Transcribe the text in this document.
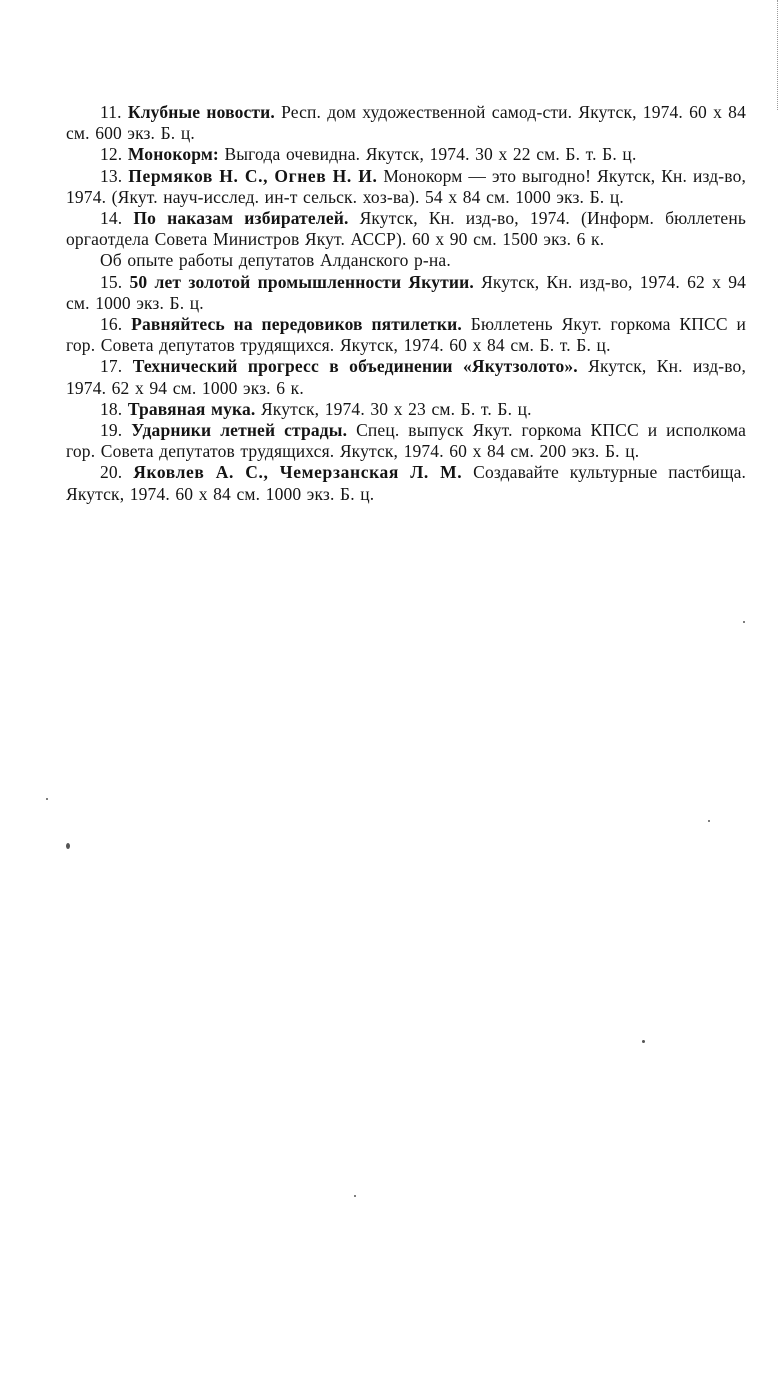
11. Клубные новости. Респ. дом художественной самод-сти. Якутск, 1974. 60 x 84 см. 600 экз. Б. ц.

12. Монокорм: Выгода очевидна. Якутск, 1974. 30 x 22 см. Б. т. Б. ц.

13. Пермяков Н. С., Огнев Н. И. Монокорм — это выгодно! Якутск, Кн. изд-во, 1974. (Якут. науч-исслед. ин-т сельск. хоз-ва). 54 x 84 см. 1000 экз. Б. ц.

14. По наказам избирателей. Якутск, Кн. изд-во, 1974. (Информ. бюллетень оргаотдела Совета Министров Якут. АССР). 60 x 90 см. 1500 экз. 6 к.

Об опыте работы депутатов Алданского р-на.

15. 50 лет золотой промышленности Якутии. Якутск, Кн. изд-во, 1974. 62 x 94 см. 1000 экз. Б. ц.

16. Равняйтесь на передовиков пятилетки. Бюллетень Якут. горкома КПСС и гор. Совета депутатов трудящихся. Якутск, 1974. 60 x 84 см. Б. т. Б. ц.

17. Технический прогресс в объединении «Якутзолото». Якутск, Кн. изд-во, 1974. 62 x 94 см. 1000 экз. 6 к.

18. Травяная мука. Якутск, 1974. 30 x 23 см. Б. т. Б. ц.

19. Ударники летней страды. Спец. выпуск Якут. горкома КПСС и исполкома гор. Совета депутатов трудящихся. Якутск, 1974. 60 x 84 см. 200 экз. Б. ц.

20. Яковлев А. С., Чемерзанская Л. М. Создавайте культурные пастбища. Якутск, 1974. 60 x 84 см. 1000 экз. Б. ц.
